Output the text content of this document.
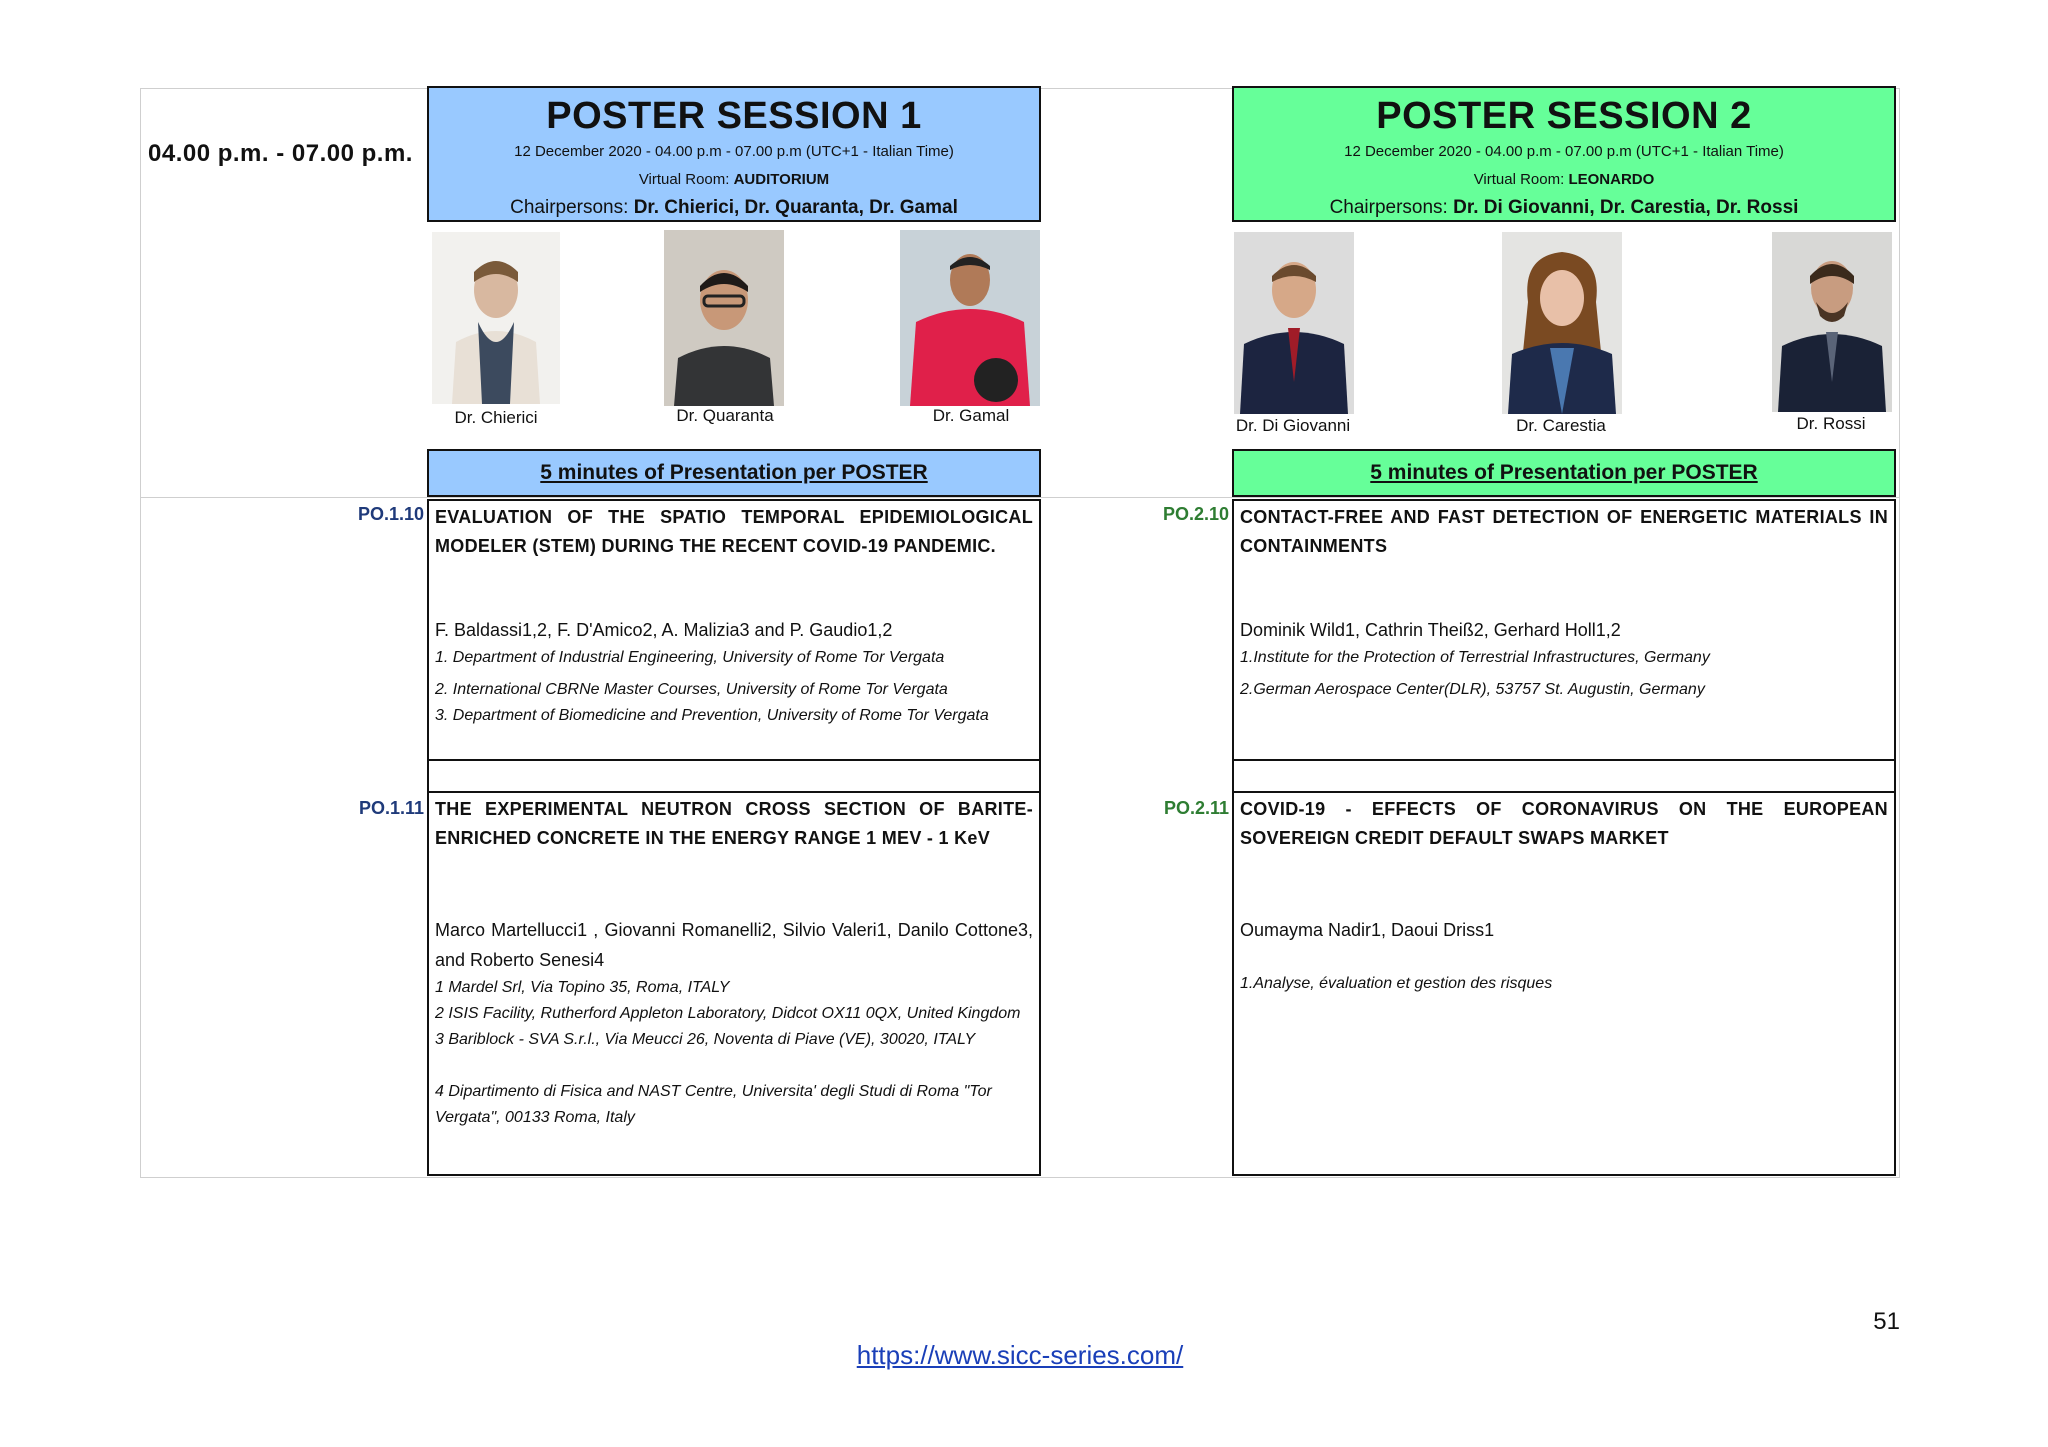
04.00 p.m. - 07.00 p.m.
POSTER SESSION 1
12 December 2020 - 04.00 p.m - 07.00 p.m (UTC+1 - Italian Time)
Virtual Room: AUDITORIUM
Chairpersons: Dr. Chierici, Dr. Quaranta, Dr. Gamal
Dr. Chierici	Dr. Quaranta	Dr. Gamal
5 minutes of Presentation per POSTER
POSTER SESSION 2
12 December 2020 - 04.00 p.m - 07.00 p.m (UTC+1 - Italian Time)
Virtual Room: LEONARDO
Chairpersons: Dr. Di Giovanni, Dr. Carestia, Dr. Rossi
Dr. Di Giovanni	Dr. Carestia	Dr. Rossi
5 minutes of Presentation per POSTER
PO.1.10 EVALUATION OF THE SPATIO TEMPORAL EPIDEMIOLOGICAL MODELER (STEM) DURING THE RECENT COVID-19 PANDEMIC.
F. Baldassi1,2, F. D'Amico2, A. Malizia3 and P. Gaudio1,2
1. Department of Industrial Engineering, University of Rome Tor Vergata
2. International CBRNe Master Courses, University of Rome Tor Vergata
3. Department of Biomedicine and Prevention, University of Rome Tor Vergata
PO.1.11 THE EXPERIMENTAL NEUTRON CROSS SECTION OF BARITE-ENRICHED CONCRETE IN THE ENERGY RANGE 1 MEV - 1 KeV
Marco Martellucci1 , Giovanni Romanelli2, Silvio Valeri1, Danilo Cottone3, and Roberto Senesi4
1 Mardel Srl, Via Topino 35, Roma, ITALY
2 ISIS Facility, Rutherford Appleton Laboratory, Didcot OX11 0QX, United Kingdom
3 Bariblock - SVA S.r.l., Via Meucci 26, Noventa di Piave (VE), 30020, ITALY
4 Dipartimento di Fisica and NAST Centre, Universita' degli Studi di Roma "Tor Vergata", 00133 Roma, Italy
PO.2.10 CONTACT-FREE AND FAST DETECTION OF ENERGETIC MATERIALS IN CONTAINMENTS
Dominik Wild1, Cathrin Theiß2, Gerhard Holl1,2
1.Institute for the Protection of Terrestrial Infrastructures, Germany
2.German Aerospace Center(DLR), 53757 St. Augustin, Germany
PO.2.11 COVID-19 - EFFECTS OF CORONAVIRUS ON THE EUROPEAN SOVEREIGN CREDIT DEFAULT SWAPS MARKET
Oumayma Nadir1, Daoui Driss1
1.Analyse, évaluation et gestion des risques
51
https://www.sicc-series.com/
